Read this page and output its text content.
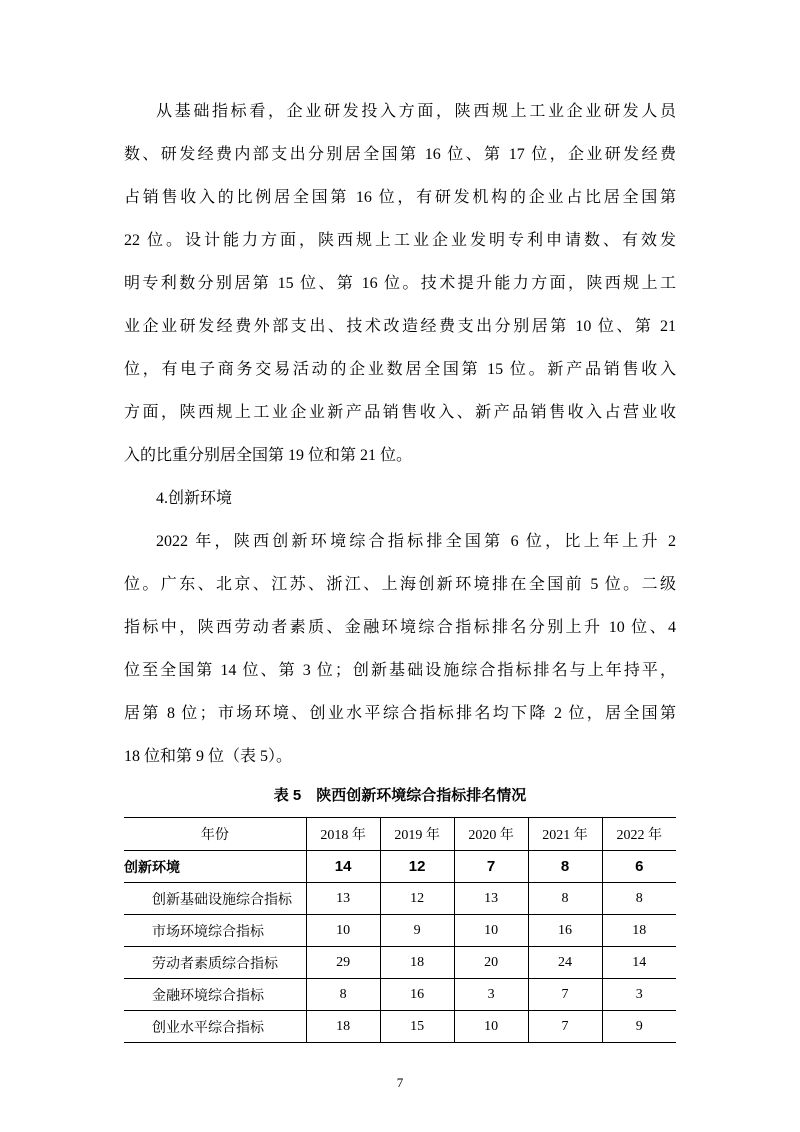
从基础指标看，企业研发投入方面，陕西规上工业企业研发人员
数、研发经费内部支出分别居全国第 16 位、第 17 位，企业研发经费
占销售收入的比例居全国第 16 位，有研发机构的企业占比居全国第
22 位。设计能力方面，陕西规上工业企业发明专利申请数、有效发
明专利数分别居第 15 位、第 16 位。技术提升能力方面，陕西规上工
业企业研发经费外部支出、技术改造经费支出分别居第 10 位、第 21
位，有电子商务交易活动的企业数居全国第 15 位。新产品销售收入
方面，陕西规上工业企业新产品销售收入、新产品销售收入占营业收
入的比重分别居全国第 19 位和第 21 位。
4.创新环境
2022 年，陕西创新环境综合指标排全国第 6 位，比上年上升 2
位。广东、北京、江苏、浙江、上海创新环境排在全国前 5 位。二级
指标中，陕西劳动者素质、金融环境综合指标排名分别上升 10 位、4
位至全国第 14 位、第 3 位；创新基础设施综合指标排名与上年持平，
居第 8 位；市场环境、创业水平综合指标排名均下降 2 位，居全国第
18 位和第 9 位（表 5）。
表 5　陕西创新环境综合指标排名情况
年份	2018 年	2019 年	2020 年	2021 年	2022 年
创新环境	14	12	7	8	6
创新基础设施综合指标	13	12	13	8	8
市场环境综合指标	10	9	10	16	18
劳动者素质综合指标	29	18	20	24	14
金融环境综合指标	8	16	3	7	3
创业水平综合指标	18	15	10	7	9
7
